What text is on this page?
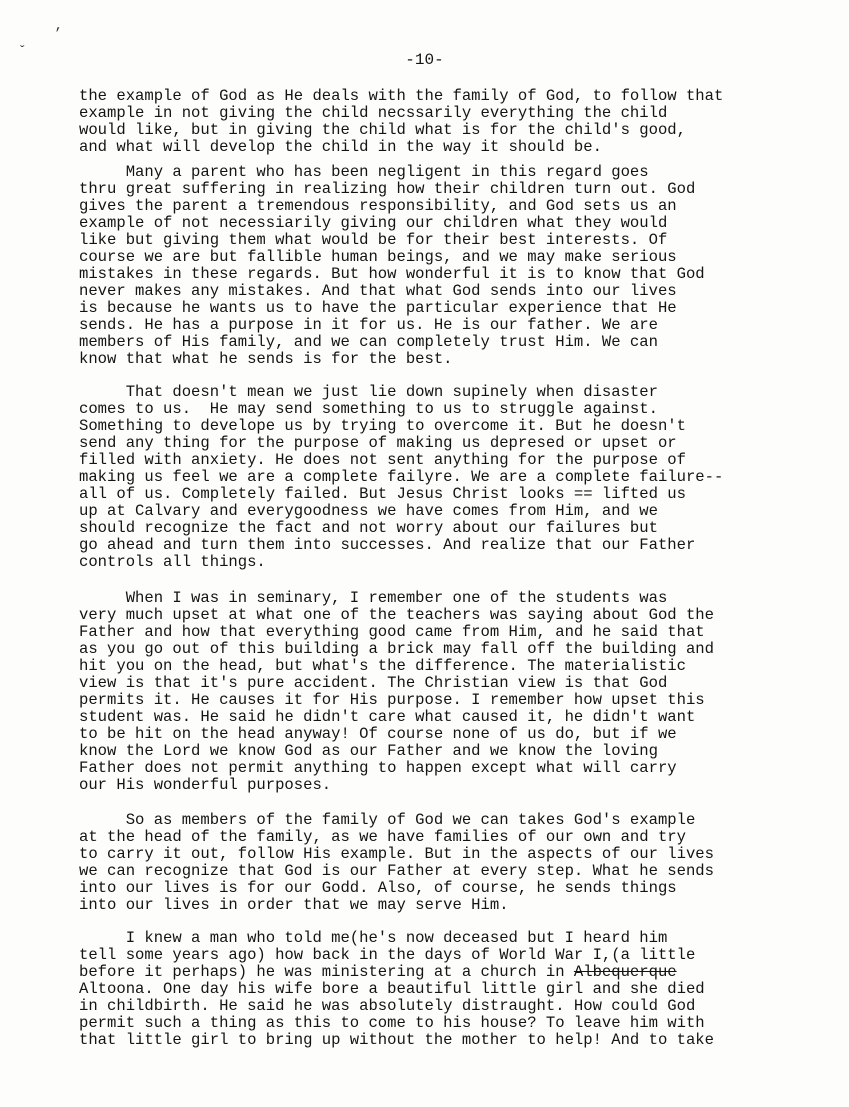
‚
ˇ	-10-
the example of God as He deals with the family of God, to follow that
example in not giving the child necssarily everything the child
would like, but in giving the child what is for the child's good,
and what will develop the child in the way it should be.
Many a parent who has been negligent in this regard goes
thru great suffering in realizing how their children turn out. God
gives the parent a tremendous responsibility, and God sets us an
example of not necessiarily giving our children what they would
like but giving them what would be for their best interests. Of
course we are but fallible human beings, and we may make serious
mistakes in these regards. But how wonderful it is to know that God
never makes any mistakes. And that what God sends into our lives
is because he wants us to have the particular experience that He
sends. He has a purpose in it for us. He is our father. We are
members of His family, and we can completely trust Him. We can
know that what he sends is for the best.
That doesn't mean we just lie down supinely when disaster
comes to us.  He may send something to us to struggle against.
Something to develope us by trying to overcome it. But he doesn't
send any thing for the purpose of making us depresed or upset or
filled with anxiety. He does not sent anything for the purpose of
making us feel we are a complete failyre. We are a complete failure--
all of us. Completely failed. But Jesus Christ looks == lifted us
up at Calvary and everygoodness we have comes from Him, and we
should recognize the fact and not worry about our failures but
go ahead and turn them into successes. And realize that our Father
controls all things.
When I was in seminary, I remember one of the students was
very much upset at what one of the teachers was saying about God the
Father and how that everything good came from Him, and he said that
as you go out of this building a brick may fall off the building and
hit you on the head, but what's the difference. The materialistic
view is that it's pure accident. The Christian view is that God
permits it. He causes it for His purpose. I remember how upset this
student was. He said he didn't care what caused it, he didn't want
to be hit on the head anyway! Of course none of us do, but if we
know the Lord we know God as our Father and we know the loving
Father does not permit anything to happen except what will carry
our His wonderful purposes.
So as members of the family of God we can takes God's example
at the head of the family, as we have families of our own and try
to carry it out, follow His example. But in the aspects of our lives
we can recognize that God is our Father at every step. What he sends
into our lives is for our Godd. Also, of course, he sends things
into our lives in order that we may serve Him.
I knew a man who told me(he's now deceased but I heard him
tell some years ago) how back in the days of World War I,(a little
before it perhaps) he was ministering at a church in Albequerque
Altoona. One day his wife bore a beautiful little girl and she died
in childbirth. He said he was absolutely distraught. How could God
permit such a thing as this to come to his house? To leave him with
that little girl to bring up without the mother to help! And to take
